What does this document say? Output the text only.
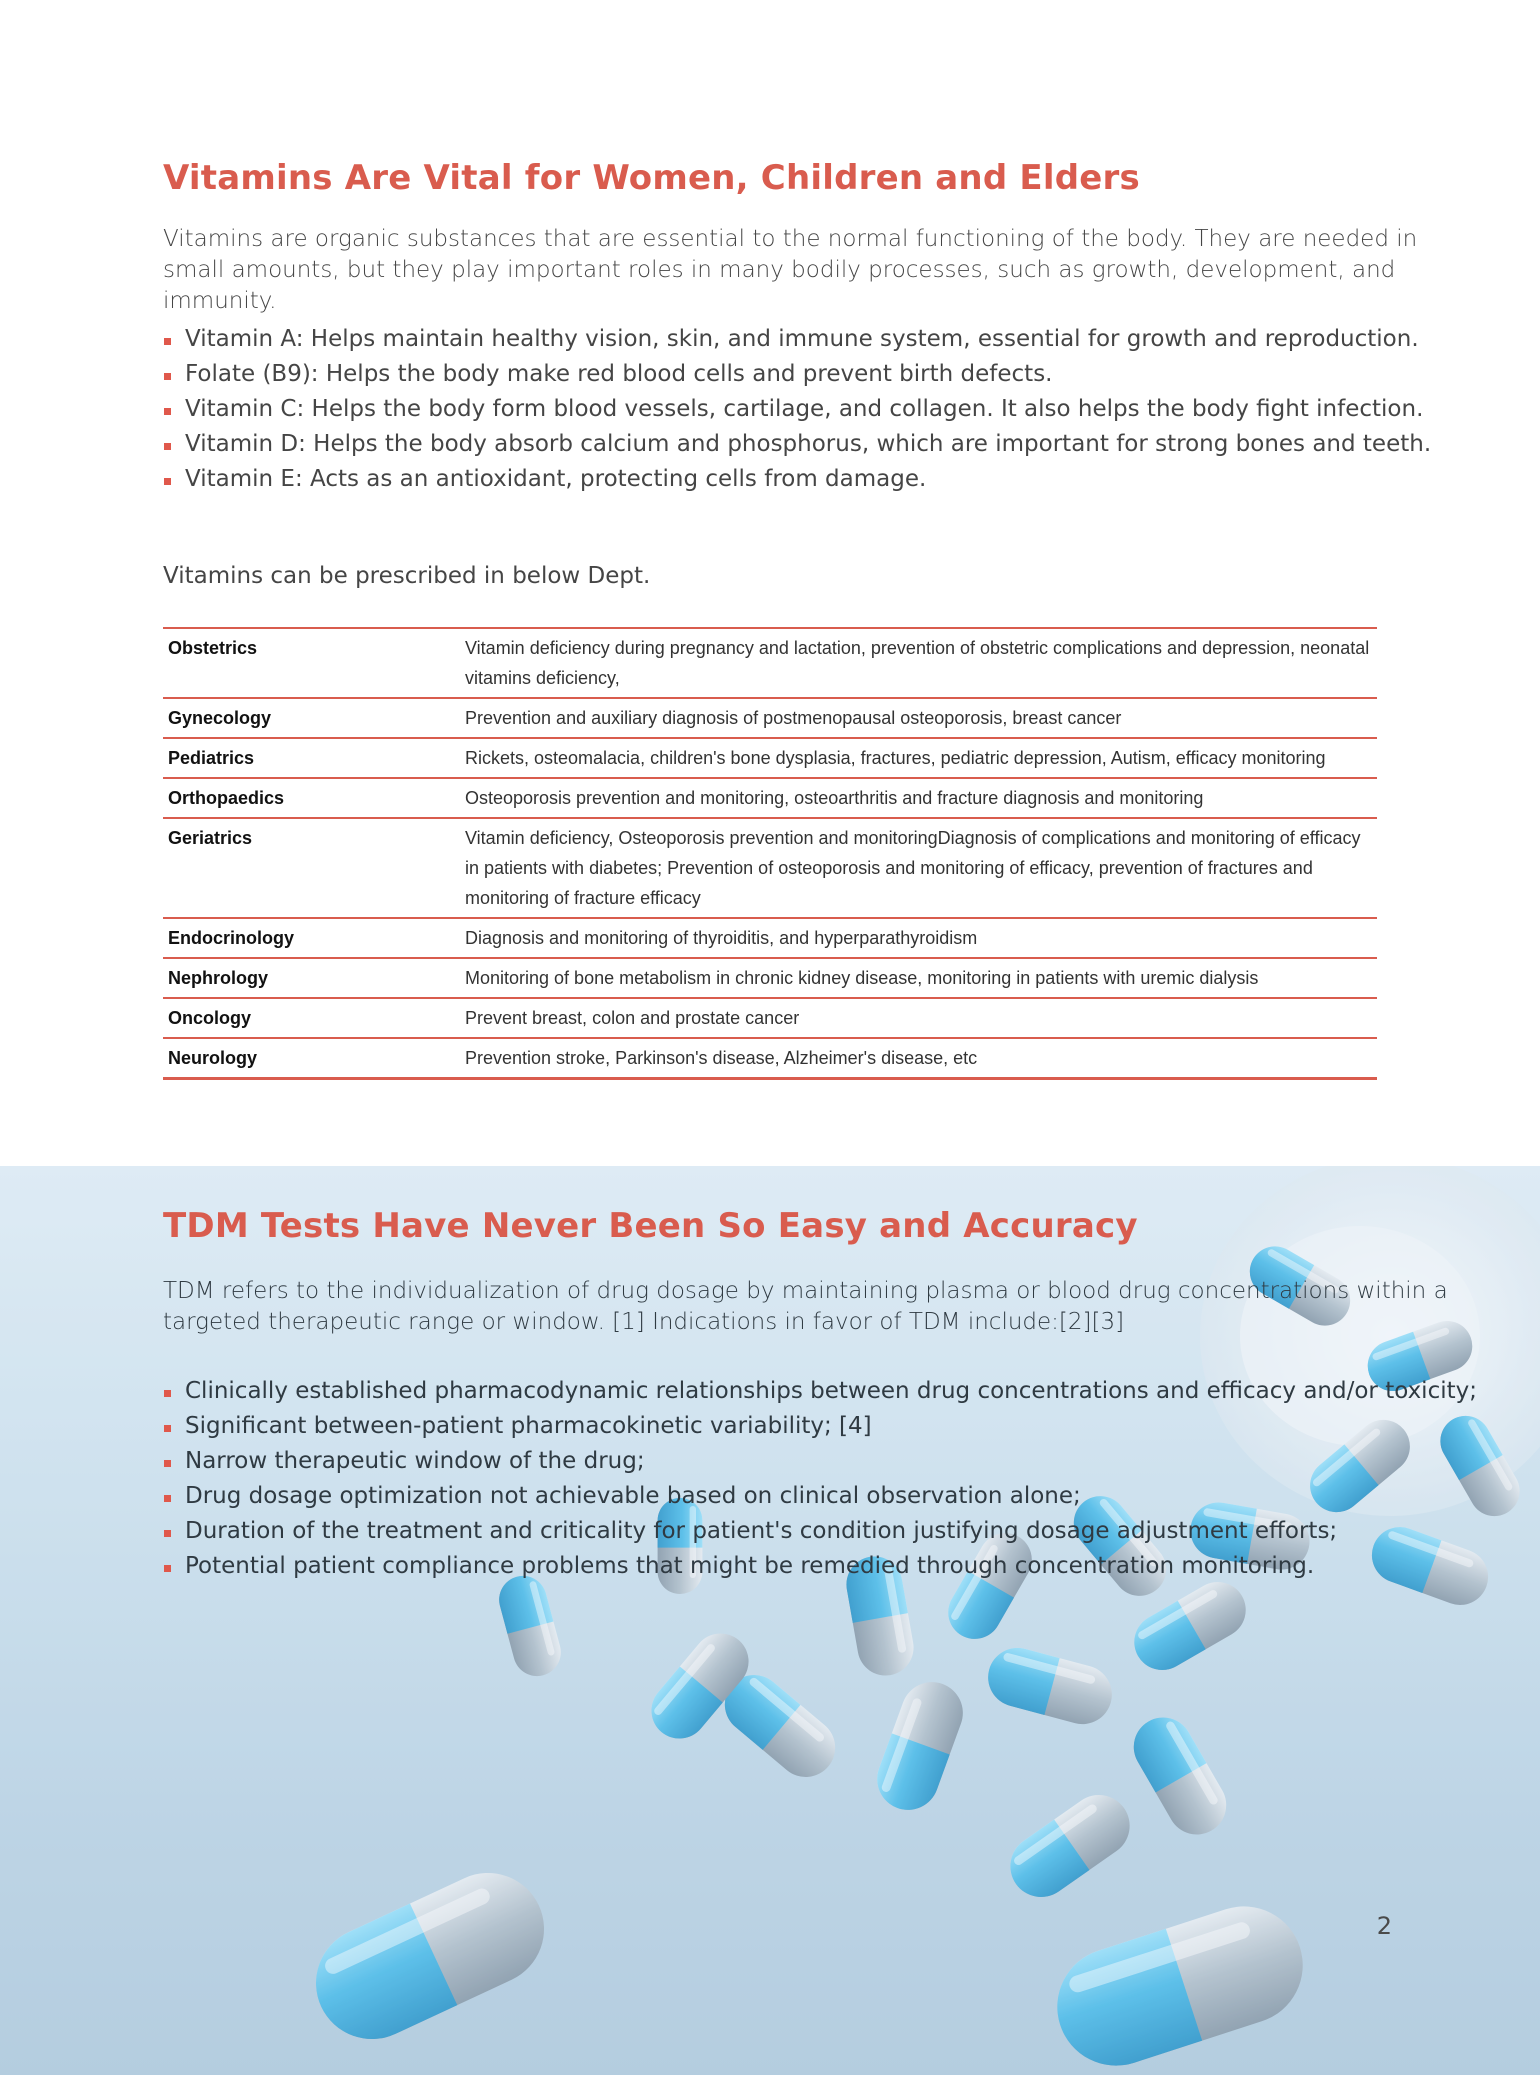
Vitamins Are Vital for Women, Children and Elders

Vitamins are organic substances that are essential to the normal functioning of the body. They are needed in small amounts, but they play important roles in many bodily processes, such as growth, development, and immunity.

Vitamin A: Helps maintain healthy vision, skin, and immune system, essential for growth and reproduction.
Folate (B9): Helps the body make red blood cells and prevent birth defects.
Vitamin C: Helps the body form blood vessels, cartilage, and collagen. It also helps the body fight infection.
Vitamin D: Helps the body absorb calcium and phosphorus, which are important for strong bones and teeth.
Vitamin E: Acts as an antioxidant, protecting cells from damage.

Vitamins can be prescribed in below Dept.

Obstetrics	Vitamin deficiency during pregnancy and lactation, prevention of obstetric complications and depression, neonatal vitamins deficiency,
Gynecology	Prevention and auxiliary diagnosis of postmenopausal osteoporosis, breast cancer
Pediatrics	Rickets, osteomalacia, children's bone dysplasia, fractures, pediatric depression, Autism, efficacy monitoring
Orthopaedics	Osteoporosis prevention and monitoring, osteoarthritis and fracture diagnosis and monitoring
Geriatrics	Vitamin deficiency, Osteoporosis prevention and monitoringDiagnosis of complications and monitoring of efficacy in patients with diabetes; Prevention of osteoporosis and monitoring of efficacy, prevention of fractures and monitoring of fracture efficacy
Endocrinology	Diagnosis and monitoring of thyroiditis, and hyperparathyroidism
Nephrology	Monitoring of bone metabolism in chronic kidney disease, monitoring in patients with uremic dialysis
Oncology	Prevent breast, colon and prostate cancer
Neurology	Prevention stroke, Parkinson's disease, Alzheimer's disease, etc
TDM Tests Have Never Been So Easy and Accuracy

TDM refers to the individualization of drug dosage by maintaining plasma or blood drug concentrations within a targeted therapeutic range or window. [1] Indications in favor of TDM include:[2][3]

Clinically established pharmacodynamic relationships between drug concentrations and efficacy and/or toxicity;
Significant between-patient pharmacokinetic variability; [4]
Narrow therapeutic window of the drug;
Drug dosage optimization not achievable based on clinical observation alone;
Duration of the treatment and criticality for patient's condition justifying dosage adjustment efforts;
Potential patient compliance problems that might be remedied through concentration monitoring.
2
